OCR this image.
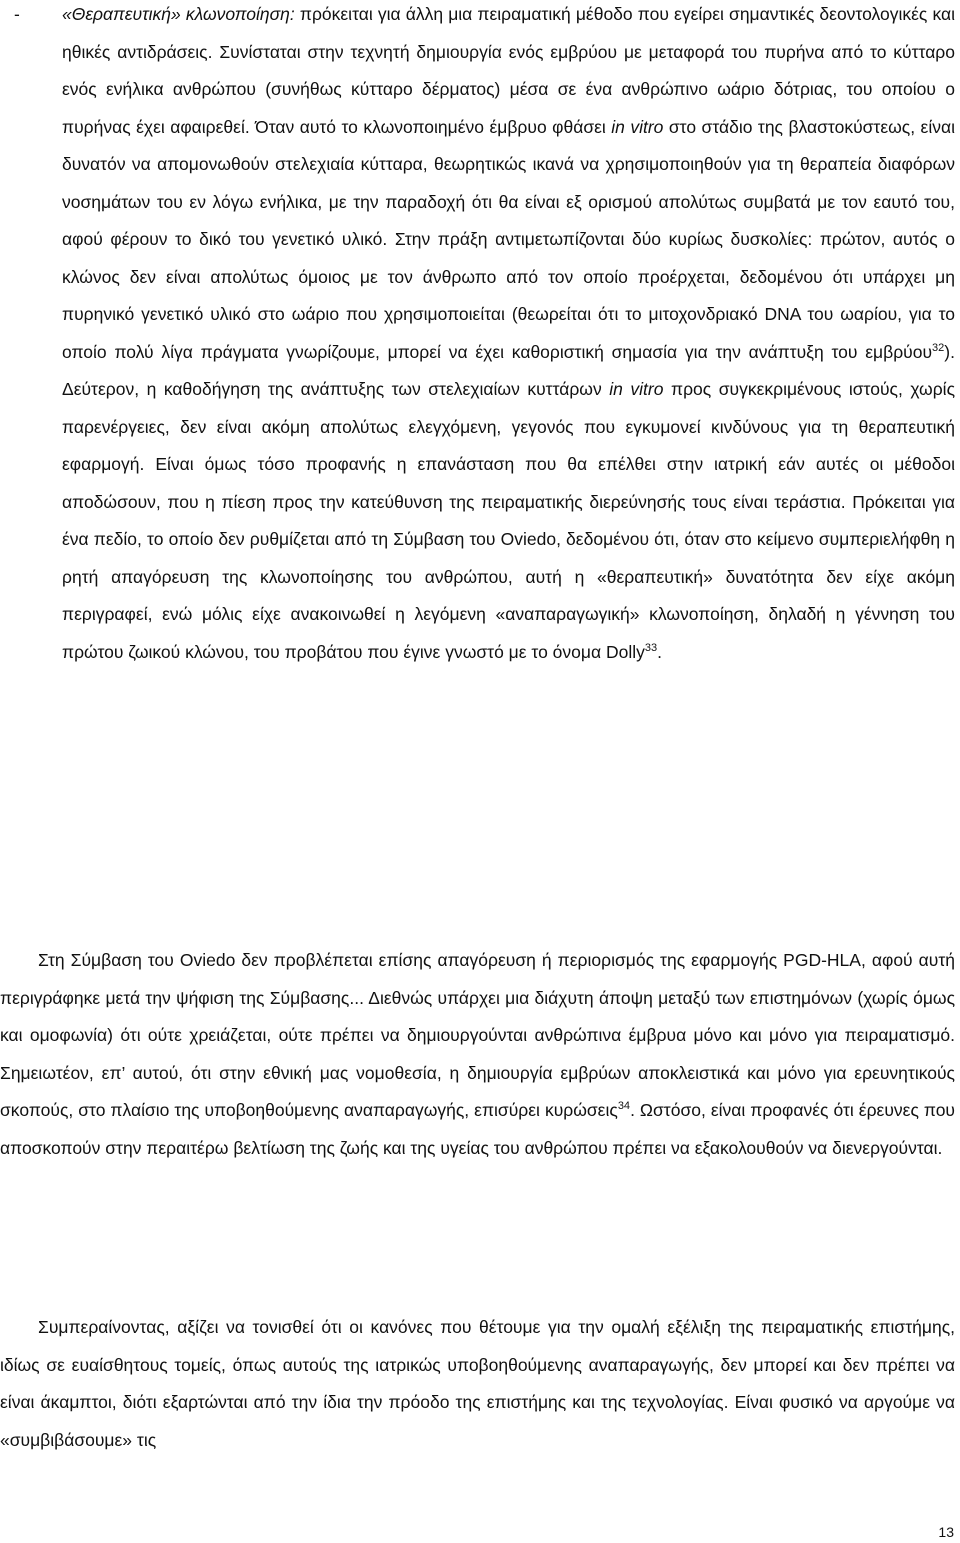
- «Θεραπευτική» κλωνοποίηση: πρόκειται για άλλη μια πειραματική μέθοδο που εγείρει σημαντικές δεοντολογικές και ηθικές αντιδράσεις. Συνίσταται στην τεχνητή δημιουργία ενός εμβρύου με μεταφορά του πυρήνα από το κύτταρο ενός ενήλικα ανθρώπου (συνήθως κύτταρο δέρματος) μέσα σε ένα ανθρώπινο ωάριο δότριας, του οποίου ο πυρήνας έχει αφαιρεθεί. Όταν αυτό το κλωνοποιημένο έμβρυο φθάσει in vitro στο στάδιο της βλαστοκύστεως, είναι δυνατόν να απομονωθούν στελεχιαία κύτταρα, θεωρητικώς ικανά να χρησιμοποιηθούν για τη θεραπεία διαφόρων νοσημάτων του εν λόγω ενήλικα, με την παραδοχή ότι θα είναι εξ ορισμού απολύτως συμβατά με τον εαυτό του, αφού φέρουν το δικό του γενετικό υλικό. Στην πράξη αντιμετωπίζονται δύο κυρίως δυσκολίες: πρώτον, αυτός ο κλώνος δεν είναι απολύτως όμοιος με τον άνθρωπο από τον οποίο προέρχεται, δεδομένου ότι υπάρχει μη πυρηνικό γενετικό υλικό στο ωάριο που χρησιμοποιείται (θεωρείται ότι το μιτοχονδριακό DNA του ωαρίου, για το οποίο πολύ λίγα πράγματα γνωρίζουμε, μπορεί να έχει καθοριστική σημασία για την ανάπτυξη του εμβρύου$^{32}$). Δεύτερον, η καθοδήγηση της ανάπτυξης των στελεχιαίων κυττάρων in vitro προς συγκεκριμένους ιστούς, χωρίς παρενέργειες, δεν είναι ακόμη απολύτως ελεγχόμενη, γεγονός που εγκυμονεί κινδύνους για τη θεραπευτική εφαρμογή. Είναι όμως τόσο προφανής η επανάσταση που θα επέλθει στην ιατρική εάν αυτές οι μέθοδοι αποδώσουν, που η πίεση προς την κατεύθυνση της πειραματικής διερεύνησής τους είναι τεράστια. Πρόκειται για ένα πεδίο, το οποίο δεν ρυθμίζεται από τη Σύμβαση του Oviedo, δεδομένου ότι, όταν στο κείμενο συμπεριελήφθη η ρητή απαγόρευση της κλωνοποίησης του ανθρώπου, αυτή η «θεραπευτική» δυνατότητα δεν είχε ακόμη περιγραφεί, ενώ μόλις είχε ανακοινωθεί η λεγόμενη «αναπαραγωγική» κλωνοποίηση, δηλαδή η γέννηση του πρώτου ζωικού κλώνου, του προβάτου που έγινε γνωστό με το όνομα Dolly$^{33}$.

Στη Σύμβαση του Oviedo δεν προβλέπεται επίσης απαγόρευση ή περιορισμός της εφαρμογής PGD-HLA, αφού αυτή περιγράφηκε μετά την ψήφιση της Σύμβασης... Διεθνώς υπάρχει μια διάχυτη άποψη μεταξύ των επιστημόνων (χωρίς όμως και ομοφωνία) ότι ούτε χρειάζεται, ούτε πρέπει να δημιουργούνται ανθρώπινα έμβρυα μόνο και μόνο για πειραματισμό. Σημειωτέον, επ’ αυτού, ότι στην εθνική μας νομοθεσία, η δημιουργία εμβρύων αποκλειστικά και μόνο για ερευνητικούς σκοπούς, στο πλαίσιο της υποβοηθούμενης αναπαραγωγής, επισύρει κυρώσεις$^{34}$. Ωστόσο, είναι προφανές ότι έρευνες που αποσκοπούν στην περαιτέρω βελτίωση της ζωής και της υγείας του ανθρώπου πρέπει να εξακολουθούν να διενεργούνται.

Συμπεραίνοντας, αξίζει να τονισθεί ότι οι κανόνες που θέτουμε για την ομαλή εξέλιξη της πειραματικής επιστήμης, ιδίως σε ευαίσθητους τομείς, όπως αυτούς της ιατρικώς υποβοηθούμενης αναπαραγωγής, δεν μπορεί και δεν πρέπει να είναι άκαμπτοι, διότι εξαρτώνται από την ίδια την πρόοδο της επιστήμης και της τεχνολογίας. Είναι φυσικό να αργούμε να «συμβιβάσουμε» τις

13
